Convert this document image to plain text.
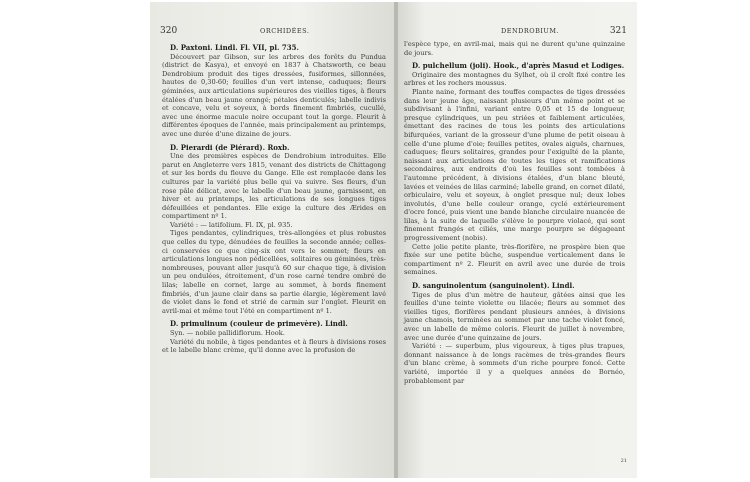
320	ORCHIDÉES.

D. Paxtoni. Lindl. Fl. VII, pl. 735.

Découvert par Gibson, sur les arbres des forêts du Pundua (district de Kasya), et envoyé en 1837 à Chatsworth, ce beau Dendrobium produit des tiges dressées, fusiformes, sillonnées, hautes de 0,30-60; feuilles d'un vert intense, caduques; fleurs géminées, aux articulations supérieures des vieilles tiges, à fleurs étalées d'un beau jaune orangé; pétales denticulés; labelle indivis et concave, velu et soyeux, à bords finement fimbriés, cucullé, avec une énorme macule noire occupant tout la gorge. Fleurit à différentes époques de l'année, mais principalement au printemps, avec une durée d'une dizaine de jours.

D. Pierardi (de Piérard). Roxb.

Une des premières espèces de Dendrobium introduites. Elle parut en Angleterre vers 1815, venant des districts de Chittagong et sur les bords du fleuve du Gange. Elle est remplacée dans les cultures par la variété plus belle qui va suivre. Ses fleurs, d'un rose pâle délicat, avec le labelle d'un beau jaune, garnissent, en hiver et au printemps, les articulations de ses longues tiges défeuillées et pendantes. Elle exige la culture des Ærides en compartiment nº 1.

Variété : — latifolium. Fl. IX, pl. 935.

Tiges pendantes, cylindriques, très-allongées et plus robustes que celles du type, dénudées de feuilles la seconde année; celles-ci conservées ce que cinq-six ont vers le sommet; fleurs en articulations longues non pédicellées, solitaires ou géminées, très-nombreuses, pouvant aller jusqu'à 60 sur chaque tige, à division un peu ondulées, étroitement, d'un rose carné tendre ombré de lilas; labelle en cornet, large au sommet, à bords finement fimbriés, d'un jaune clair dans sa partie élargie, légèrement lavé de violet dans le fond et strié de carmin sur l'onglet. Fleurit en avril-mai et même tout l'été en compartiment nº 1.

D. primulinum (couleur de primevère). Lindl.

Syn. — nobile pallidiflorum. Hook.

Variété du nobile, à tiges pendantes et à fleurs à divisions roses et le labelle blanc crème, qu'il donne avec la profusion de

DENDROBIUM.	321

l'espèce type, en avril-mai, mais qui ne durent qu'une quinzaine de jours.

D. pulchellum (joli). Hook., d'après Masud et Lodiges.

Originaire des montagnes du Sylhet, où il croît fixé contre les arbres et les rochers moussus.

Plante naine, formant des touffes compactes de tiges dressées dans leur jeune âge, naissant plusieurs d'un même point et se subdivisant à l'infini, variant entre 0,05 et 15 de longueur, presque cylindriques, un peu striées et faiblement articulées, émettant des racines de tous les points des articulations bifurquées, variant de la grosseur d'une plume de petit oiseau à celle d'une plume d'oie; feuilles petites, ovales aiguës, charnues, caduques; fleurs solitaires, grandes pour l'exiguïté de la plante, naissant aux articulations de toutes les tiges et ramifications secondaires, aux endroits d'où les feuilles sont tombées à l'automne précédent, à divisions étalées, d'un blanc bleuté, lavées et veinées de lilas carminé; labelle grand, en cornet dilaté, orbiculaire, velu et soyeux, à onglet presque nul; deux lobes involutés, d'une belle couleur orange, cyclé extérieurement d'ocre foncé, puis vient une bande blanche circulaire nuancée de lilas, à la suite de laquelle s'élève le pourpre violacé, qui sont finement frangés et ciliés, une marge pourpre se dégageant progressivement (nobis).

Cette jolie petite plante, très-florifère, ne prospère bien que fixée sur une petite bûche, suspendue verticalement dans le compartiment nº 2. Fleurit en avril avec une durée de trois semaines.

D. sanguinolentum (sanguinolent). Lindl.

Tiges de plus d'un mètre de hauteur, gâtées ainsi que les feuilles d'une teinte violette ou lilacée; fleurs au sommet des vieilles tiges, florifères pendant plusieurs années, à divisions jaune chamois, terminées au sommet par une tache violet foncé, avec un labelle de même coloris. Fleurit de juillet à novembre, avec une durée d'une quinzaine de jours.

Variété : — superbum, plus vigoureux, à tiges plus trapues, donnant naissance à de longs racèmes de très-grandes fleurs d'un blanc crème, à sommets d'un riche pourpre foncé. Cette variété, importée il y a quelques années de Bornéo, probablement par

21
